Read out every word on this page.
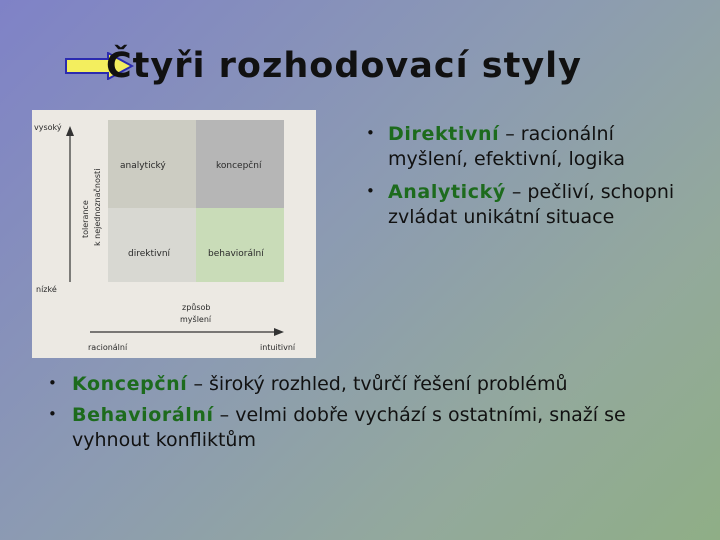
Čtyři rozhodovací styly
analytický	koncepční
direktivní	behaviorální
vysoký
nízké
tolerance k nejednoznačnosti
způsob
myšlení
racionální	intuitivní
• Direktivní – racionální myšlení, efektivní, logika
• Analytický – pečliví, schopni zvládat unikátní situace
• Koncepční – široký rozhled, tvůrčí řešení problémů
• Behaviorální – velmi dobře vychází s ostatními, snaží se vyhnout konfliktům
